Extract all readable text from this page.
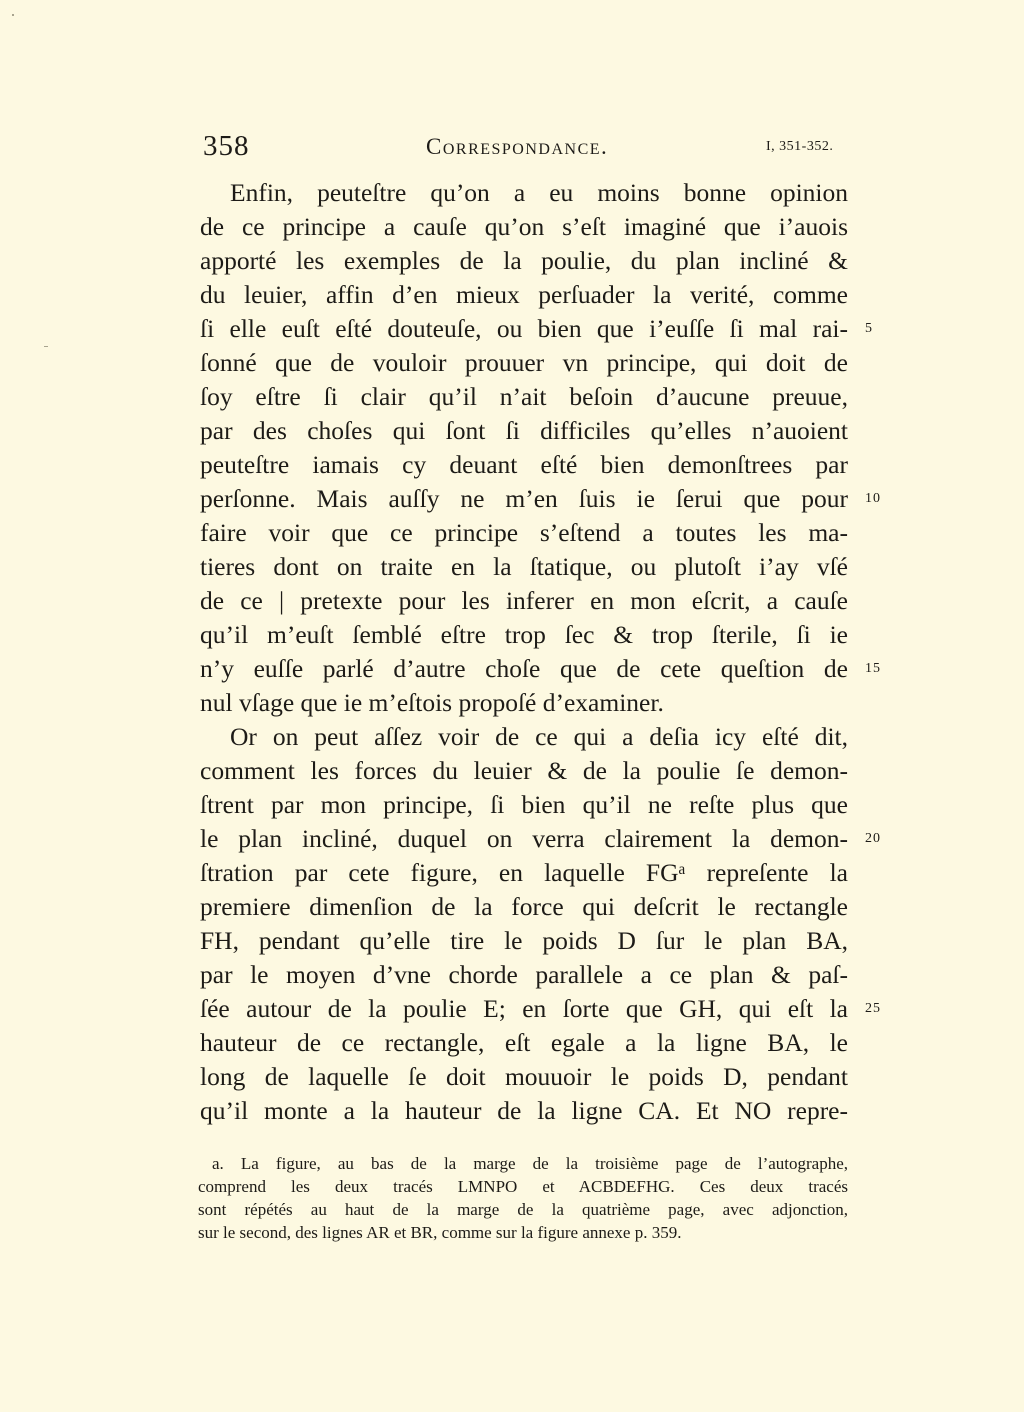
358	Correspondance.	I, 351-352.
Enfin, peuteſtre qu’on a eu moins bonne opinion
de ce principe a cauſe qu’on s’eſt imaginé que i’auois
apporté les exemples de la poulie, du plan incliné &
du leuier, affin d’en mieux perſuader la verité, comme
ſi elle euſt eſté douteuſe, ou bien que i’euſſe ſi mal rai- 5
ſonné que de vouloir prouuer vn principe, qui doit de
ſoy eſtre ſi clair qu’il n’ait beſoin d’aucune preuue,
par des choſes qui ſont ſi difficiles qu’elles n’auoient
peuteſtre iamais cy deuant eſté bien demonſtrees par
perſonne. Mais auſſy ne m’en ſuis ie ſerui que pour 10
faire voir que ce principe s’eſtend a toutes les ma-
tieres dont on traite en la ſtatique, ou plutoſt i’ay vſé
de ce | pretexte pour les inferer en mon eſcrit, a cauſe
qu’il m’euſt ſemblé eſtre trop ſec & trop ſterile, ſi ie
n’y euſſe parlé d’autre choſe que de cete queſtion de 15
nul vſage que ie m’eſtois propoſé d’examiner.
Or on peut aſſez voir de ce qui a deſia icy eſté dit,
comment les forces du leuier & de la poulie ſe demon-
ſtrent par mon principe, ſi bien qu’il ne reſte plus que
le plan incliné, duquel on verra clairement la demon- 20
ſtration par cete figure, en laquelle FGᵃ repreſente la
premiere dimenſion de la force qui deſcrit le rectangle
FH, pendant qu’elle tire le poids D ſur le plan BA,
par le moyen d’vne chorde parallele a ce plan & paſ-
ſée autour de la poulie E; en ſorte que GH, qui eſt la 25
hauteur de ce rectangle, eſt egale a la ligne BA, le
long de laquelle ſe doit mouuoir le poids D, pendant
qu’il monte a la hauteur de la ligne CA. Et NO repre-
a. La figure, au bas de la marge de la troisième page de l’autographe,
comprend les deux tracés LMNPO et ACBDEFHG. Ces deux tracés
sont répétés au haut de la marge de la quatrième page, avec adjonction,
sur le second, des lignes AR et BR, comme sur la figure annexe p. 359.
